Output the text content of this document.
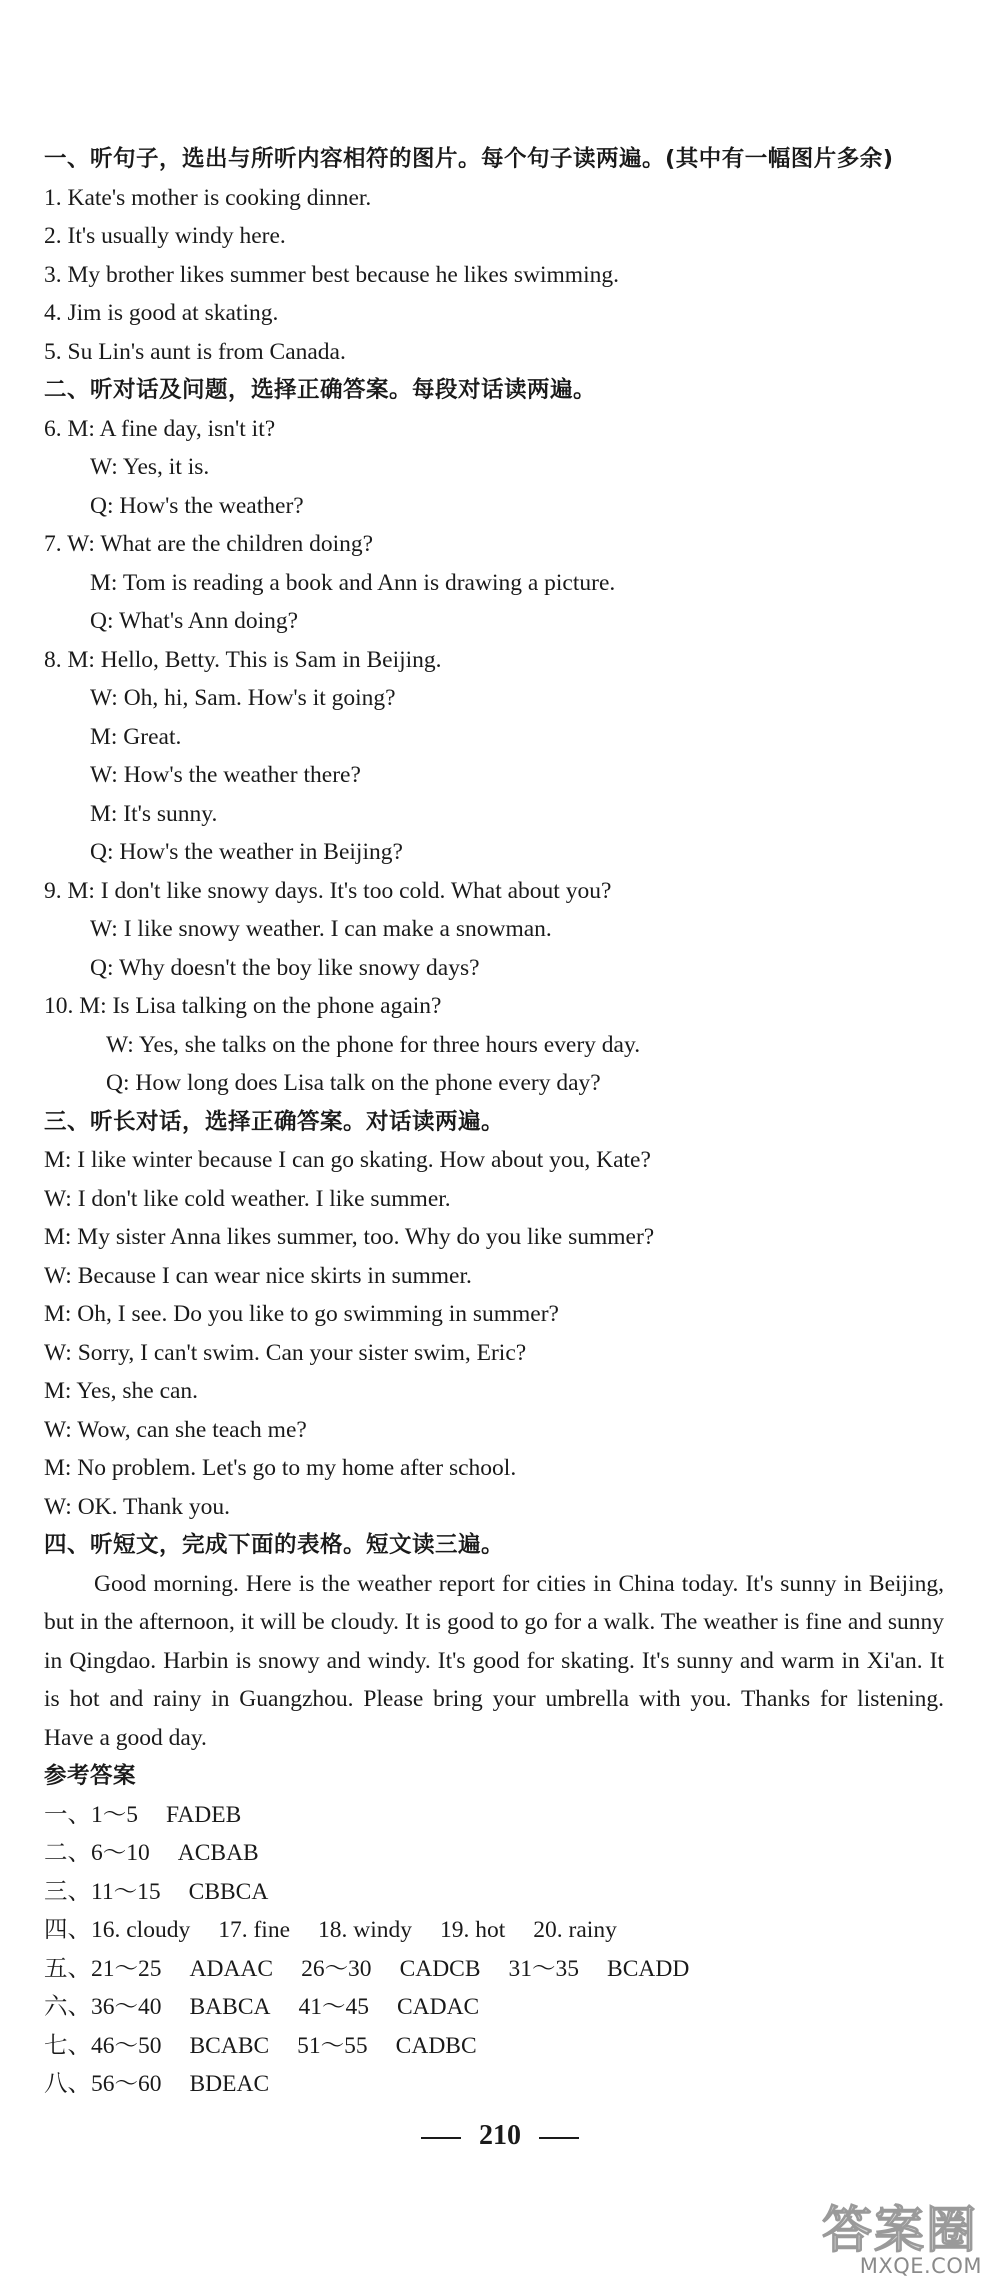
一、听句子，选出与所听内容相符的图片。每个句子读两遍。(其中有一幅图片多余)
1. Kate's mother is cooking dinner.
2. It's usually windy here.
3. My brother likes summer best because he likes swimming.
4. Jim is good at skating.
5. Su Lin's aunt is from Canada.
二、听对话及问题，选择正确答案。每段对话读两遍。
6. M: A fine day, isn't it?
W: Yes, it is.
Q: How's the weather?
7. W: What are the children doing?
M: Tom is reading a book and Ann is drawing a picture.
Q: What's Ann doing?
8. M: Hello, Betty. This is Sam in Beijing.
W: Oh, hi, Sam. How's it going?
M: Great.
W: How's the weather there?
M: It's sunny.
Q: How's the weather in Beijing?
9. M: I don't like snowy days. It's too cold. What about you?
W: I like snowy weather. I can make a snowman.
Q: Why doesn't the boy like snowy days?
10. M: Is Lisa talking on the phone again?
W: Yes, she talks on the phone for three hours every day.
Q: How long does Lisa talk on the phone every day?
三、听长对话，选择正确答案。对话读两遍。
M: I like winter because I can go skating. How about you, Kate?
W: I don't like cold weather. I like summer.
M: My sister Anna likes summer, too. Why do you like summer?
W: Because I can wear nice skirts in summer.
M: Oh, I see. Do you like to go swimming in summer?
W: Sorry, I can't swim. Can your sister swim, Eric?
M: Yes, she can.
W: Wow, can she teach me?
M: No problem. Let's go to my home after school.
W: OK. Thank you.
四、听短文，完成下面的表格。短文读三遍。
Good morning. Here is the weather report for cities in China today. It's sunny in Beijing, but in the afternoon, it will be cloudy. It is good to go for a walk. The weather is fine and sunny in Qingdao. Harbin is snowy and windy. It's good for skating. It's sunny and warm in Xi'an. It is hot and rainy in Guangzhou. Please bring your umbrella with you. Thanks for listening. Have a good day.
参考答案
一、1～5 FADEB
二、6～10 ACBAB
三、11～15 CBBCA
四、16. cloudy 17. fine 18. windy 19. hot 20. rainy
五、21～25 ADAAC 26～30 CADCB 31～35 BCADD
六、36～40 BABCA 41～45 CADAC
七、46～50 BCABC 51～55 CADBC
八、56～60 BDEAC
210
答案圈
MXQE.COM
